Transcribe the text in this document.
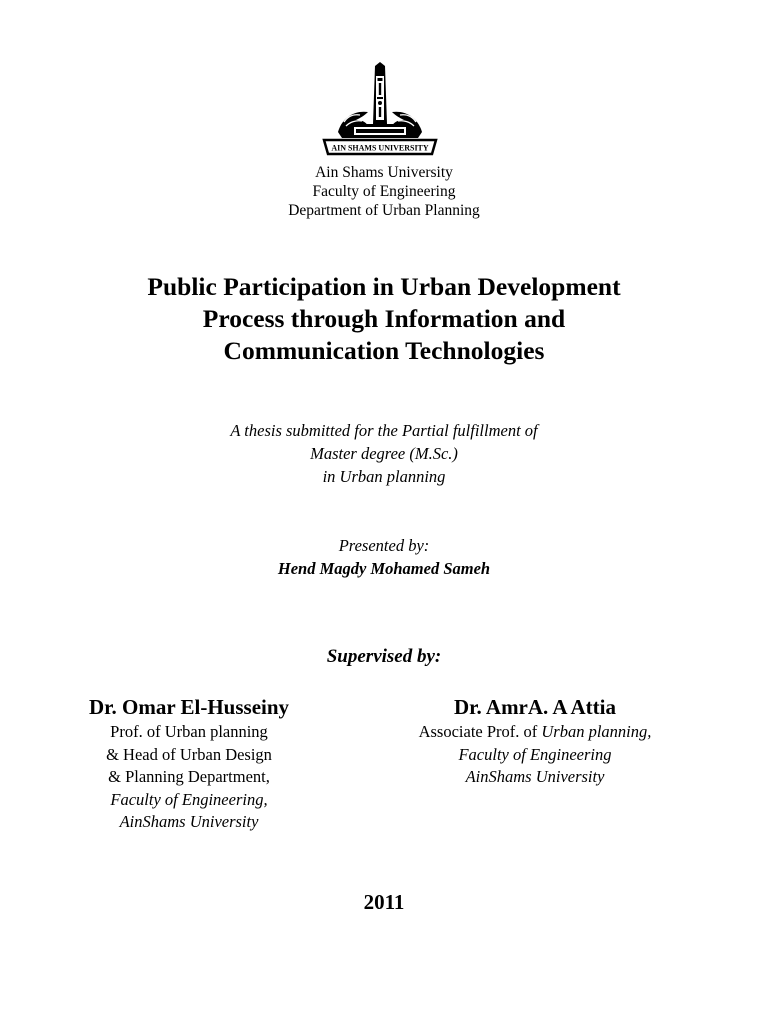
AIN SHAMS UNIVERSITY
Ain Shams University
Faculty of Engineering
Department of Urban Planning
Public Participation in Urban Development
Process through Information and
Communication Technologies
A thesis submitted for the Partial fulfillment of
Master degree (M.Sc.)
in Urban planning
Presented by:
Hend Magdy Mohamed Sameh
Supervised by:
Dr. Omar El-Husseiny
Prof. of Urban planning
& Head of Urban Design
& Planning Department,
Faculty of Engineering,
AinShams University
Dr. AmrA. A Attia
Associate Prof. of Urban planning,
Faculty of Engineering
AinShams University
2011
